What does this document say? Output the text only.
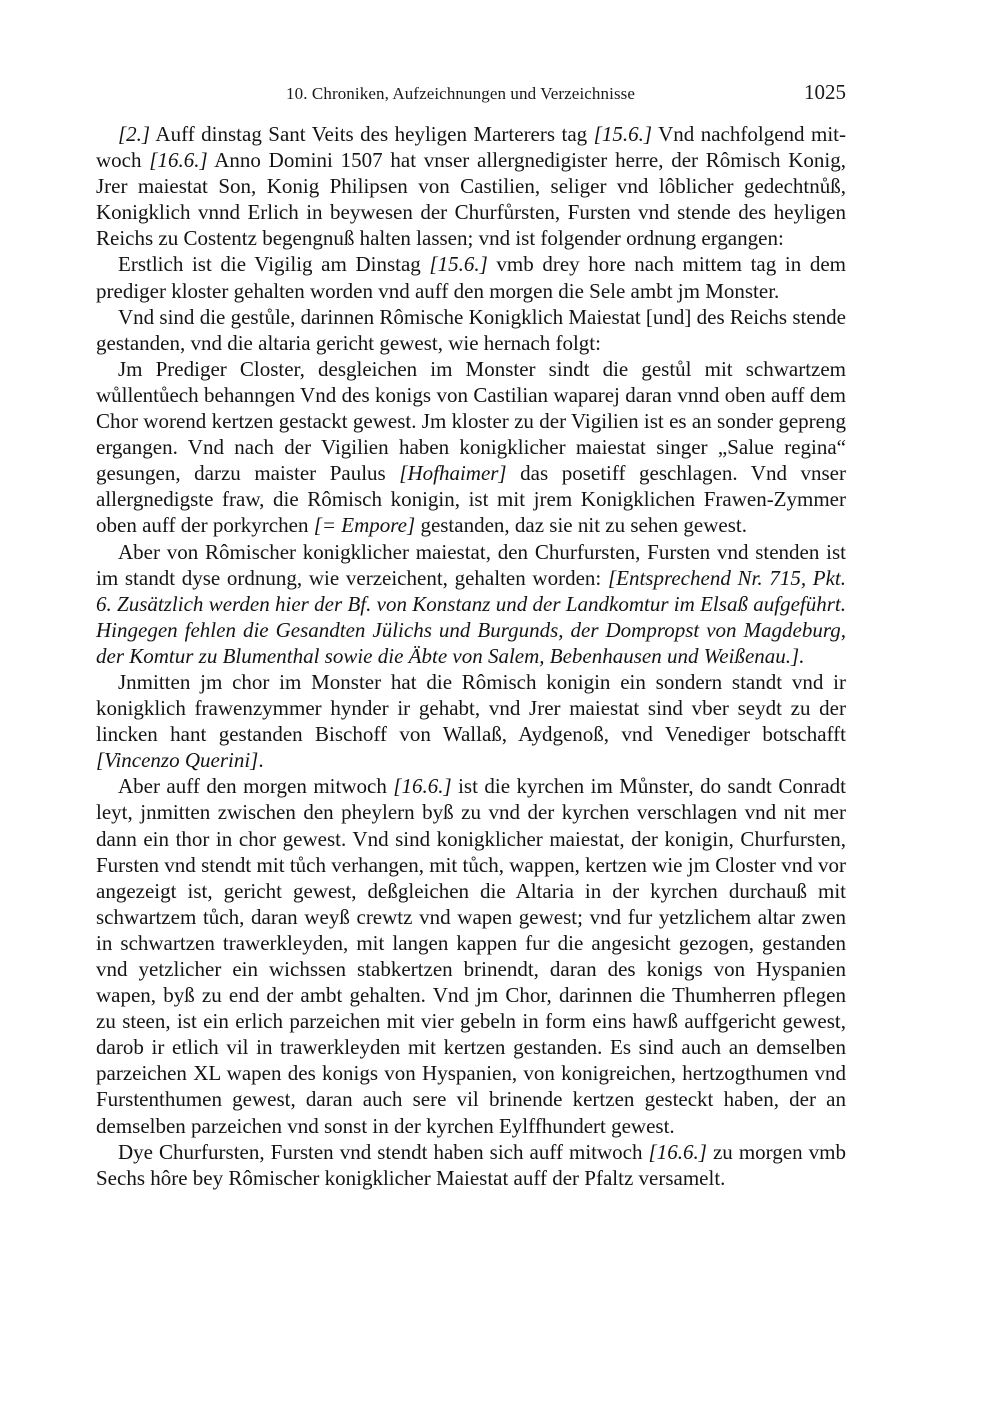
10. Chroniken, Aufzeichnungen und Verzeichnisse	1025

[2.] Auff dinstag Sant Veits des heyligen Marterers tag [15.6.] Vnd nachfolgend mitwoch [16.6.] Anno Domini 1507 hat vnser allergnedigister herre, der Rômisch Konig, Jrer maiestat Son, Konig Philipsen von Castilien, seliger vnd lôblicher gedechtnůß, Konigklich vnnd Erlich in beywesen der Churfůrsten, Fursten vnd stende des heyligen Reichs zu Costentz begengnuß halten lassen; vnd ist folgender ordnung ergangen:

Erstlich ist die Vigilig am Dinstag [15.6.] vmb drey hore nach mittem tag in dem prediger kloster gehalten worden vnd auff den morgen die Sele ambt jm Monster.

Vnd sind die gestůle, darinnen Rômische Konigklich Maiestat [und] des Reichs stende gestanden, vnd die altaria gericht gewest, wie hernach folgt:

Jm Prediger Closter, desgleichen im Monster sindt die gestůl mit schwartzem wůllentůech behanngen Vnd des konigs von Castilian waparej daran vnnd oben auff dem Chor worend kertzen gestackt gewest. Jm kloster zu der Vigilien ist es an sonder gepreng ergangen. Vnd nach der Vigilien haben konigklicher maiestat singer „Salue regina“ gesungen, darzu maister Paulus [Hofhaimer] das posetiff geschlagen. Vnd vnser allergnedigste fraw, die Rômisch konigin, ist mit jrem Konigklichen Frawen-Zymmer oben auff der porkyrchen [= Empore] gestanden, daz sie nit zu sehen gewest.

Aber von Rômischer konigklicher maiestat, den Churfursten, Fursten vnd stenden ist im standt dyse ordnung, wie verzeichent, gehalten worden: [Entsprechend Nr. 715, Pkt. 6. Zusätzlich werden hier der Bf. von Konstanz und der Landkomtur im Elsaß aufgeführt. Hingegen fehlen die Gesandten Jülichs und Burgunds, der Dompropst von Magdeburg, der Komtur zu Blumenthal sowie die Äbte von Salem, Bebenhausen und Weißenau.].

Jnmitten jm chor im Monster hat die Rômisch konigin ein sondern standt vnd ir konigklich frawenzymmer hynder ir gehabt, vnd Jrer maiestat sind vber seydt zu der lincken hant gestanden Bischoff von Wallaß, Aydgenoß, vnd Venediger botschafft [Vincenzo Querini].

Aber auff den morgen mitwoch [16.6.] ist die kyrchen im Můnster, do sandt Conradt leyt, jnmitten zwischen den pheylern byß zu vnd der kyrchen verschlagen vnd nit mer dann ein thor in chor gewest. Vnd sind konigklicher maiestat, der konigin, Churfursten, Fursten vnd stendt mit tůch verhangen, mit tůch, wappen, kertzen wie jm Closter vnd vor angezeigt ist, gericht gewest, deßgleichen die Altaria in der kyrchen durchauß mit schwartzem tůch, daran weyß crewtz vnd wapen gewest; vnd fur yetzlichem altar zwen in schwartzen trawerkleyden, mit langen kappen fur die angesicht gezogen, gestanden vnd yetzlicher ein wichssen stabkertzen brinendt, daran des konigs von Hyspanien wapen, byß zu end der ambt gehalten. Vnd jm Chor, darinnen die Thumherren pflegen zu steen, ist ein erlich parzeichen mit vier gebeln in form eins hawß auffgericht gewest, darob ir etlich vil in trawerkleyden mit kertzen gestanden. Es sind auch an demselben parzeichen XL wapen des konigs von Hyspanien, von konigreichen, hertzogthumen vnd Furstenthumen gewest, daran auch sere vil brinende kertzen gesteckt haben, der an demselben parzeichen vnd sonst in der kyrchen Eylffhundert gewest.

Dye Churfursten, Fursten vnd stendt haben sich auff mitwoch [16.6.] zu morgen vmb Sechs hôre bey Rômischer konigklicher Maiestat auff der Pfaltz versamelt.
